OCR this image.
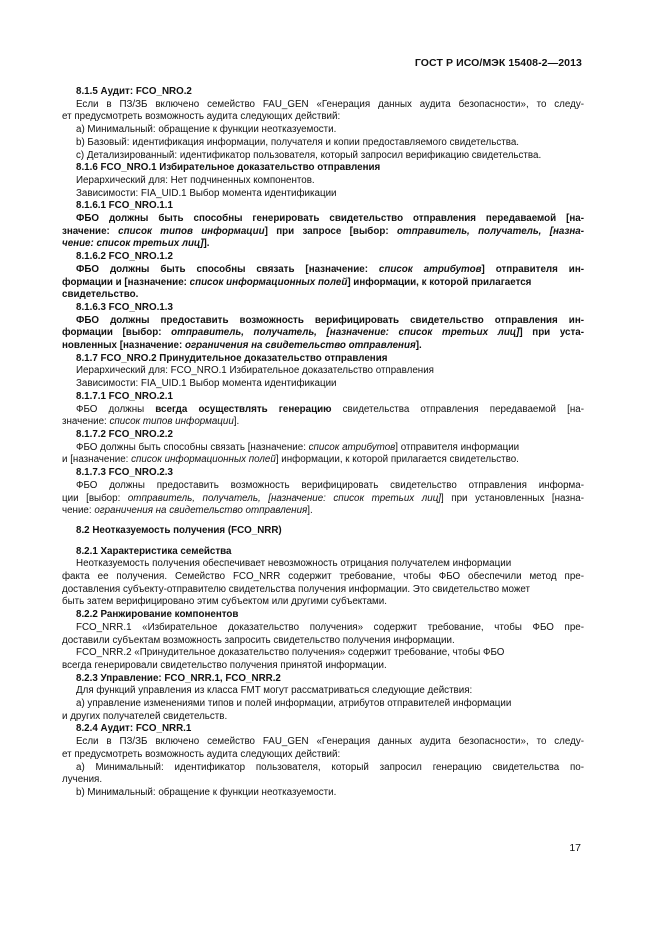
ГОСТ Р ИСО/МЭК 15408-2—2013
8.1.5 Аудит: FCO_NRO.2
Если в ПЗ/ЗБ включено семейство FAU_GEN «Генерация данных аудита безопасности», то следу-
ет предусмотреть возможность аудита следующих действий:
a) Минимальный: обращение к функции неотказуемости.
b) Базовый: идентификация информации, получателя и копии предоставляемого свидетельства.
c) Детализированный: идентификатор пользователя, который запросил верификацию свидетельства.
8.1.6 FCO_NRO.1 Избирательное доказательство отправления
Иерархический для: Нет подчиненных компонентов.
Зависимости: FIA_UID.1 Выбор момента идентификации
8.1.6.1 FCO_NRO.1.1
ФБО должны быть способны генерировать свидетельство отправления передаваемой [на-
значение: список типов информации] при запросе [выбор: отправитель, получатель, [назна-
чение: список третьих лиц]].
8.1.6.2 FCO_NRO.1.2
ФБО должны быть способны связать [назначение: список атрибутов] отправителя ин-
формации и [назначение: список информационных полей] информации, к которой прилагается
свидетельство.
8.1.6.3 FCO_NRO.1.3
ФБО должны предоставить возможность верифицировать свидетельство отправления ин-
формации [выбор: отправитель, получатель, [назначение: список третьих лиц]] при уста-
новленных [назначение: ограничения на свидетельство отправления].
8.1.7 FCO_NRO.2 Принудительное доказательство отправления
Иерархический для: FCO_NRO.1 Избирательное доказательство отправления
Зависимости: FIA_UID.1 Выбор момента идентификации
8.1.7.1 FCO_NRO.2.1
ФБО должны всегда осуществлять генерацию свидетельства отправления передаваемой [на-
значение: список типов информации].
8.1.7.2 FCO_NRO.2.2
ФБО должны быть способны связать [назначение: список атрибутов] отправителя информации
и [назначение: список информационных полей] информации, к которой прилагается свидетельство.
8.1.7.3 FCO_NRO.2.3
ФБО должны предоставить возможность верифицировать свидетельство отправления информа-
ции [выбор: отправитель, получатель, [назначение: список третьих лиц]] при установленных [назна-
чение: ограничения на свидетельство отправления].
8.2 Неотказуемость получения (FCO_NRR)
8.2.1 Характеристика семейства
Неотказуемость получения обеспечивает невозможность отрицания получателем информации
факта ее получения. Семейство FCO_NRR содержит требование, чтобы ФБО обеспечили метод пре-
доставления субъекту-отправителю свидетельства получения информации. Это свидетельство может
быть затем верифицировано этим субъектом или другими субъектами.
8.2.2 Ранжирование компонентов
FCO_NRR.1 «Избирательное доказательство получения» содержит требование, чтобы ФБО пре-
доставили субъектам возможность запросить свидетельство получения информации.
FCO_NRR.2 «Принудительное доказательство получения» содержит требование, чтобы ФБО
всегда генерировали свидетельство получения принятой информации.
8.2.3 Управление: FCO_NRR.1, FCO_NRR.2
Для функций управления из класса FMT могут рассматриваться следующие действия:
a) управление изменениями типов и полей информации, атрибутов отправителей информации
и других получателей свидетельств.
8.2.4 Аудит: FCO_NRR.1
Если в ПЗ/ЗБ включено семейство FAU_GEN «Генерация данных аудита безопасности», то следу-
ет предусмотреть возможность аудита следующих действий:
a) Минимальный: идентификатор пользователя, который запросил генерацию свидетельства по-
лучения.
b) Минимальный: обращение к функции неотказуемости.
17
